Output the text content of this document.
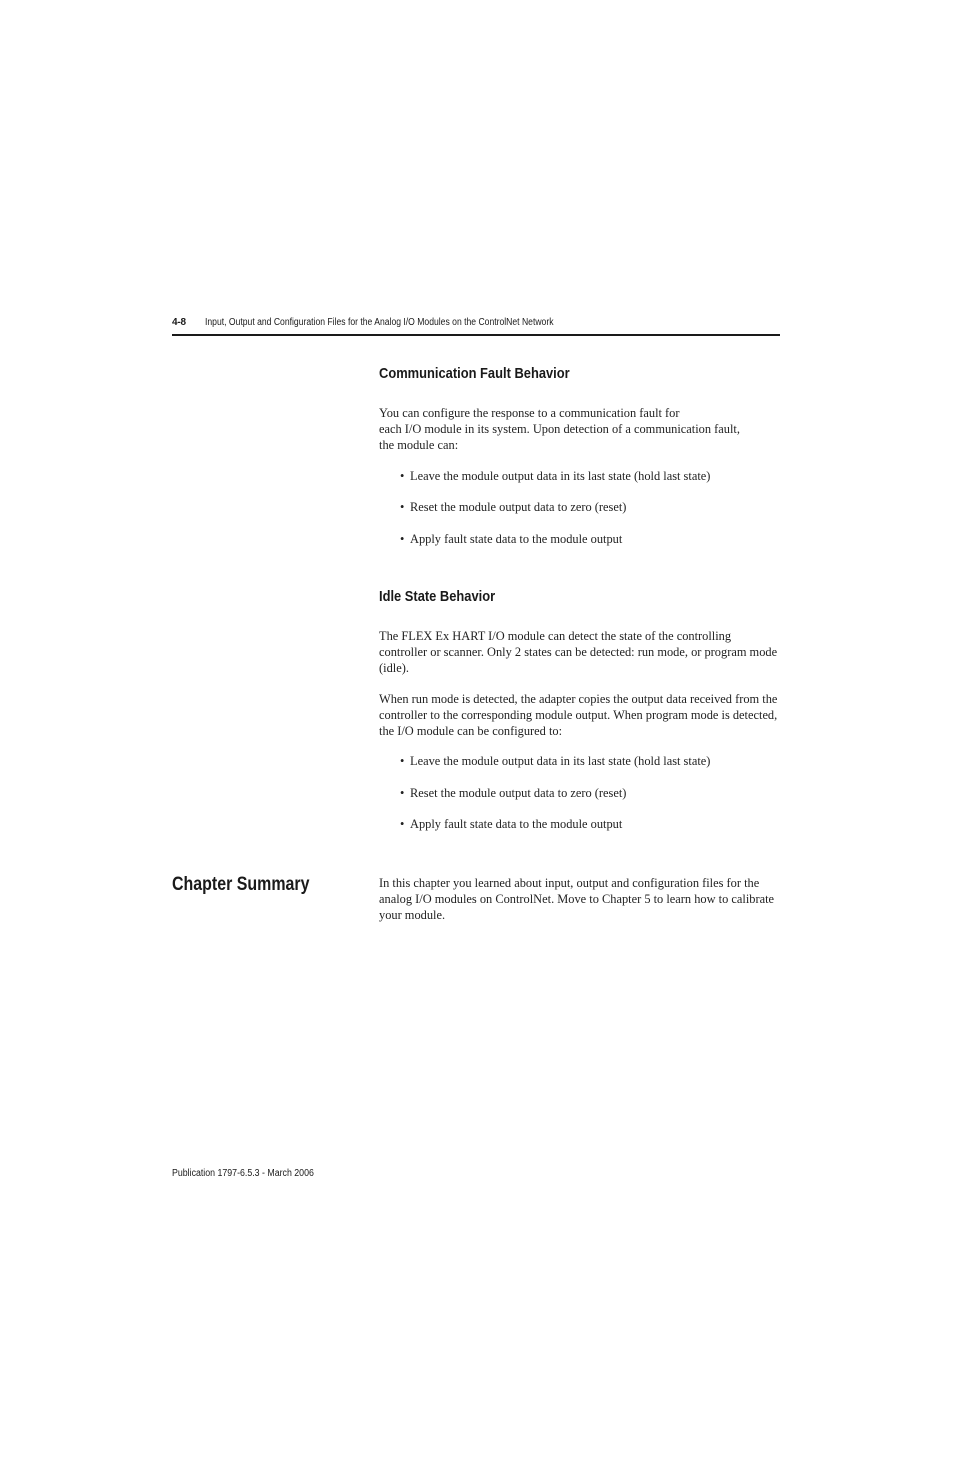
4-8 Input, Output and Configuration Files for the Analog I/O Modules on the ControlNet Network
Communication Fault Behavior
You can configure the response to a communication fault for
each I/O module in its system. Upon detection of a communication fault,
the module can:
• Leave the module output data in its last state (hold last state)
• Reset the module output data to zero (reset)
• Apply fault state data to the module output
Idle State Behavior
The FLEX Ex HART I/O module can detect the state of the controlling controller or scanner. Only 2 states can be detected: run mode, or program mode (idle).
When run mode is detected, the adapter copies the output data received from the controller to the corresponding module output. When program mode is detected, the I/O module can be configured to:
• Leave the module output data in its last state (hold last state)
• Reset the module output data to zero (reset)
• Apply fault state data to the module output
Chapter Summary	In this chapter you learned about input, output and configuration files for the analog I/O modules on ControlNet. Move to Chapter 5 to learn how to calibrate your module.
Publication 1797-6.5.3 - March 2006
